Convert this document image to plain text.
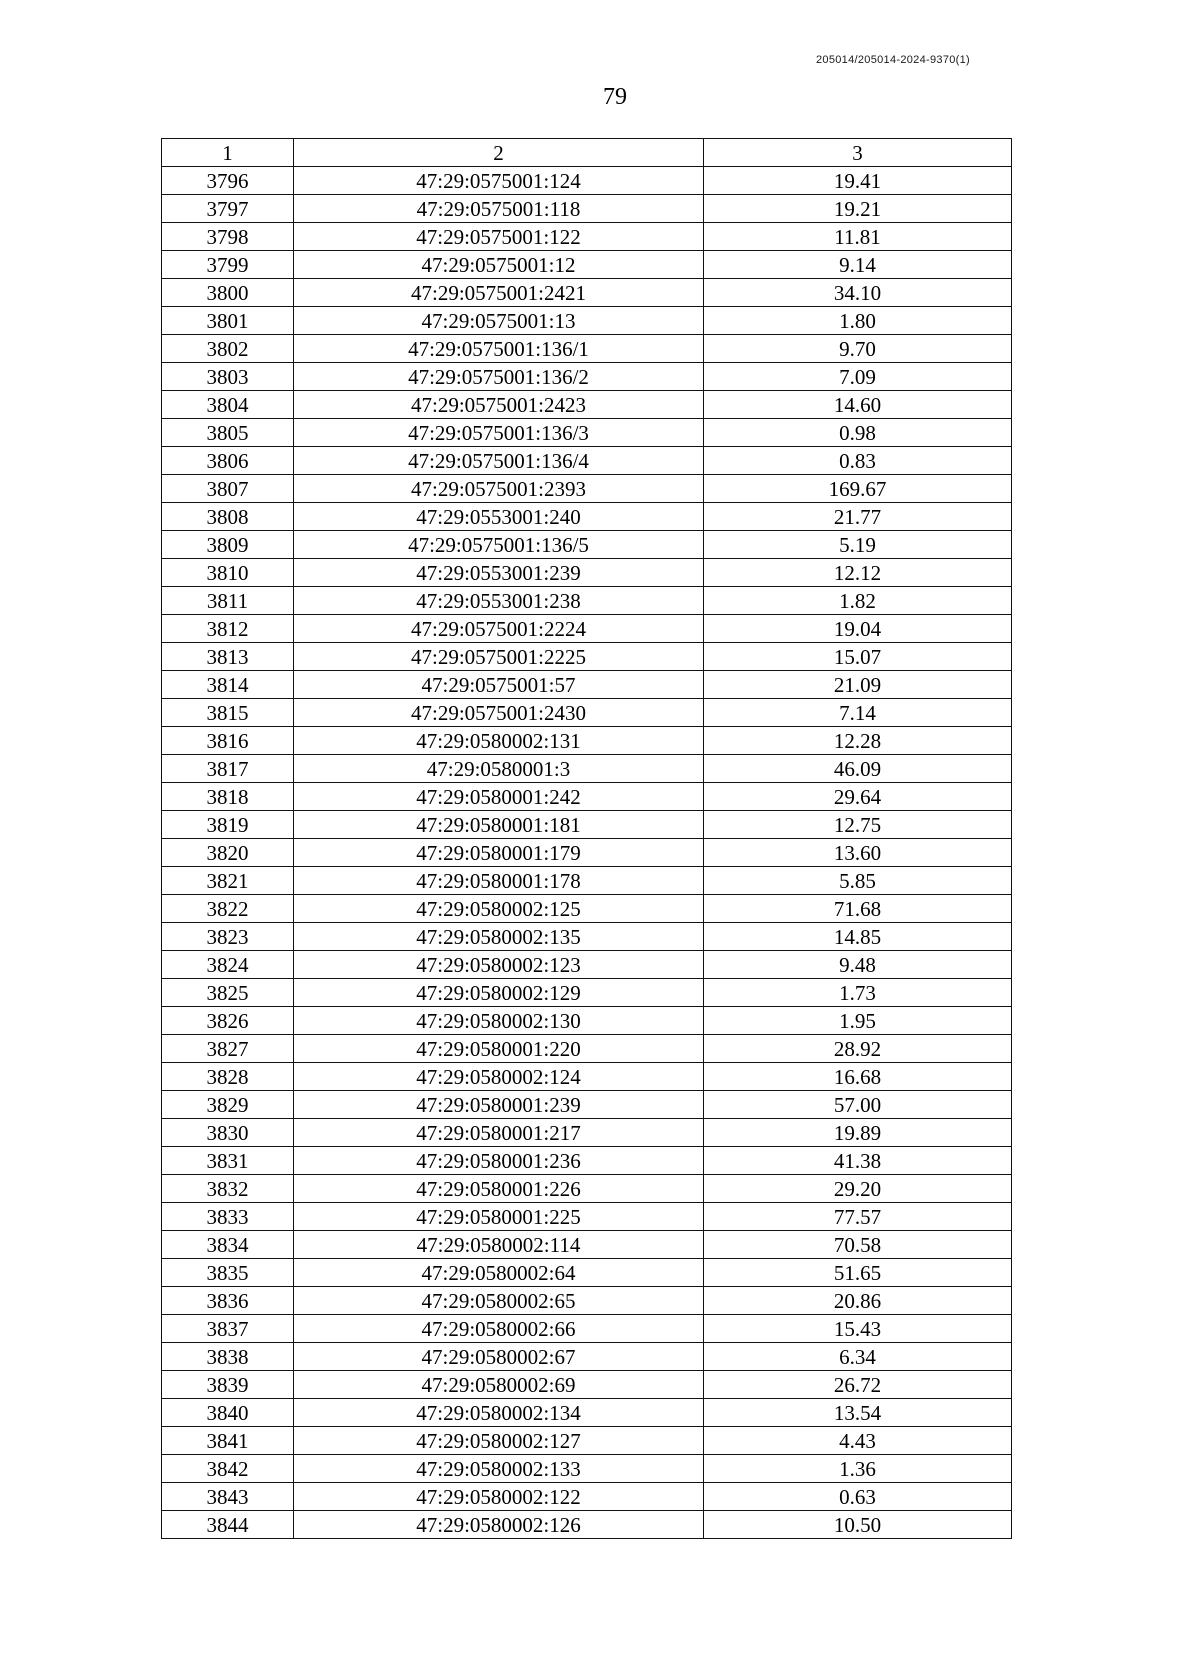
205014/205014-2024-9370(1)
79
1	2	3
3796	47:29:0575001:124	19.41
3797	47:29:0575001:118	19.21
3798	47:29:0575001:122	11.81
3799	47:29:0575001:12	9.14
3800	47:29:0575001:2421	34.10
3801	47:29:0575001:13	1.80
3802	47:29:0575001:136/1	9.70
3803	47:29:0575001:136/2	7.09
3804	47:29:0575001:2423	14.60
3805	47:29:0575001:136/3	0.98
3806	47:29:0575001:136/4	0.83
3807	47:29:0575001:2393	169.67
3808	47:29:0553001:240	21.77
3809	47:29:0575001:136/5	5.19
3810	47:29:0553001:239	12.12
3811	47:29:0553001:238	1.82
3812	47:29:0575001:2224	19.04
3813	47:29:0575001:2225	15.07
3814	47:29:0575001:57	21.09
3815	47:29:0575001:2430	7.14
3816	47:29:0580002:131	12.28
3817	47:29:0580001:3	46.09
3818	47:29:0580001:242	29.64
3819	47:29:0580001:181	12.75
3820	47:29:0580001:179	13.60
3821	47:29:0580001:178	5.85
3822	47:29:0580002:125	71.68
3823	47:29:0580002:135	14.85
3824	47:29:0580002:123	9.48
3825	47:29:0580002:129	1.73
3826	47:29:0580002:130	1.95
3827	47:29:0580001:220	28.92
3828	47:29:0580002:124	16.68
3829	47:29:0580001:239	57.00
3830	47:29:0580001:217	19.89
3831	47:29:0580001:236	41.38
3832	47:29:0580001:226	29.20
3833	47:29:0580001:225	77.57
3834	47:29:0580002:114	70.58
3835	47:29:0580002:64	51.65
3836	47:29:0580002:65	20.86
3837	47:29:0580002:66	15.43
3838	47:29:0580002:67	6.34
3839	47:29:0580002:69	26.72
3840	47:29:0580002:134	13.54
3841	47:29:0580002:127	4.43
3842	47:29:0580002:133	1.36
3843	47:29:0580002:122	0.63
3844	47:29:0580002:126	10.50
